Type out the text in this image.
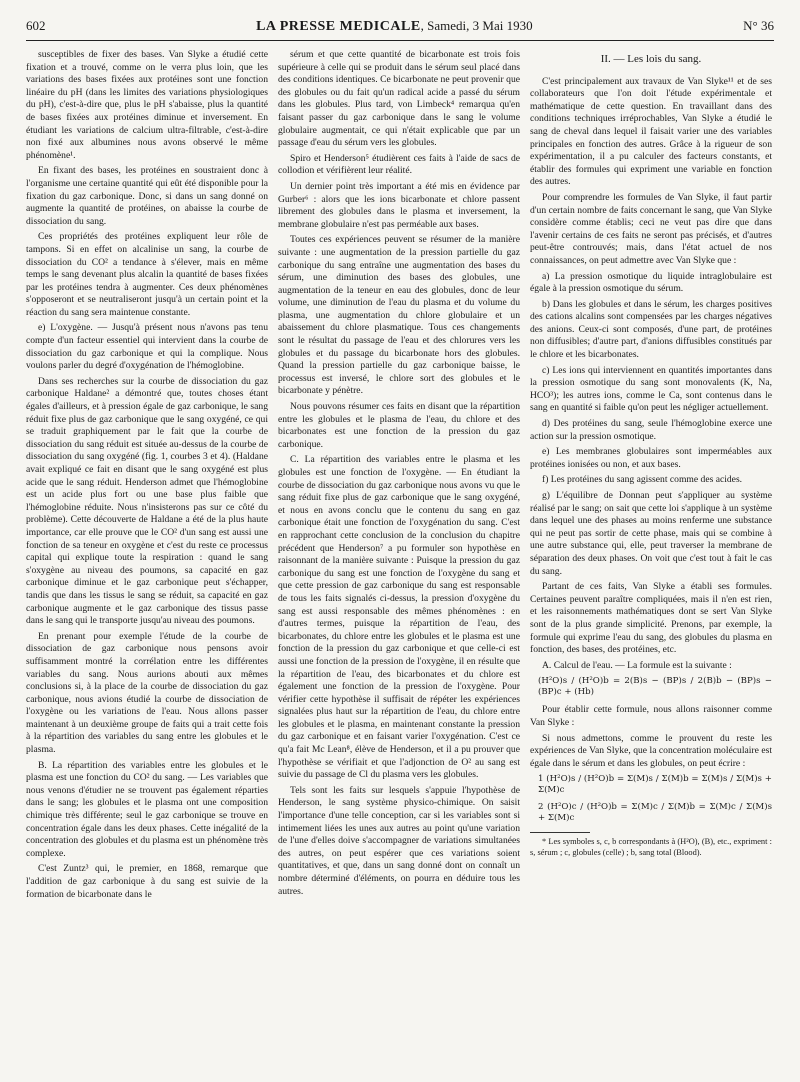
602	LA PRESSE MEDICALE, Samedi, 3 Mai 1930	N° 36

susceptibles de fixer des bases. Van Slyke a étudié cette fixation et a trouvé, comme on le verra plus loin, que les variations des bases fixées aux protéines sont une fonction linéaire du pH (dans les limites des variations physiologiques du pH), c'est-à-dire que, plus le pH s'abaisse, plus la quantité de bases fixées aux protéines diminue et inversement. En étudiant les variations de calcium ultra-filtrable, c'est-à-dire non fixé aux albumines nous avons observé le même phénomène¹.

En fixant des bases, les protéines en soustraient donc à l'organisme une certaine quantité qui eût été disponible pour la fixation du gaz carbonique. Donc, si dans un sang donné on augmente la quantité de protéines, on abaisse la courbe de dissociation du sang.

Ces propriétés des protéines expliquent leur rôle de tampons. Si en effet on alcalinise un sang, la courbe de dissociation du CO² a tendance à s'élever, mais en même temps le sang devenant plus alcalin la quantité de bases fixées par les protéines tendra à augmenter. Ces deux phénomènes s'opposeront et se neutraliseront jusqu'à un certain point et la réaction du sang sera maintenue constante.

e) L'oxygène. — Jusqu'à présent nous n'avons pas tenu compte d'un facteur essentiel qui intervient dans la courbe de dissociation du gaz carbonique et qui la complique. Nous voulons parler du degré d'oxygénation de l'hémoglobine.

Dans ses recherches sur la courbe de dissociation du gaz carbonique Haldane² a démontré que, toutes choses étant égales d'ailleurs, et à pression égale de gaz carbonique, le sang réduit fixe plus de gaz carbonique que le sang oxygéné, ce qui se traduit graphiquement par le fait que la courbe de dissociation du sang réduit est située au-dessus de la courbe de dissociation du sang oxygéné (fig. 1, courbes 3 et 4). (Haldane avait expliqué ce fait en disant que le sang oxygéné est plus acide que le sang réduit. Henderson admet que l'hémoglobine est un acide plus fort ou une base plus faible que l'hémoglobine réduite. Nous n'insisterons pas sur ce côté du problème). Cette découverte de Haldane a été de la plus haute importance, car elle prouve que le CO² d'un sang est aussi une fonction de sa teneur en oxygène et c'est du reste ce processus capital qui explique toute la respiration : quand le sang s'oxygène au niveau des poumons, sa capacité en gaz carbonique diminue et le gaz carbonique peut s'échapper, tandis que dans les tissus le sang se réduit, sa capacité en gaz carbonique augmente et le gaz carbonique des tissus passe dans le sang qui le transporte jusqu'au niveau des poumons.

En prenant pour exemple l'étude de la courbe de dissociation de gaz carbonique nous pensons avoir suffisamment montré la corrélation entre les différentes variables du sang. Nous aurions abouti aux mêmes conclusions si, à la place de la courbe de dissociation du gaz carbonique, nous avions étudié la courbe de dissociation de l'oxygène ou les variations de l'eau. Nous allons passer maintenant à un deuxième groupe de faits qui a trait cette fois à la répartition des variables du sang entre les globules et le plasma.

B. La répartition des variables entre les globules et le plasma est une fonction du CO² du sang. — Les variables que nous venons d'étudier ne se trouvent pas également réparties dans le sang; les globules et le plasma ont une composition chimique très différente; seul le gaz carbonique se trouve en concentration égale dans les deux phases. Cette inégalité de la concentration des globules et du plasma est un phénomène très complexe.

C'est Zuntz³ qui, le premier, en 1868, remarque que l'addition de gaz carbonique à du sang est suivie de la formation de bicarbonate dans le

sérum et que cette quantité de bicarbonate est trois fois supérieure à celle qui se produit dans le sérum seul placé dans des conditions identiques. Ce bicarbonate ne peut provenir que des globules ou du fait qu'un radical acide a passé du sérum dans les globules. Plus tard, von Limbeck⁴ remarqua qu'en faisant passer du gaz carbonique dans le sang le volume globulaire augmentait, ce qui n'était explicable que par un passage d'eau du sérum vers les globules.

Spiro et Henderson⁵ étudièrent ces faits à l'aide de sacs de collodion et vérifièrent leur réalité.

Un dernier point très important a été mis en évidence par Gurber⁶ : alors que les ions bicarbonate et chlore passent librement des globules dans le plasma et inversement, la membrane globulaire n'est pas perméable aux bases.

Toutes ces expériences peuvent se résumer de la manière suivante : une augmentation de la pression partielle du gaz carbonique du sang entraîne une augmentation des bases du sérum, une diminution des bases des globules, une augmentation de la teneur en eau des globules, donc de leur volume, une diminution de l'eau du plasma et du volume du plasma, une augmentation du chlore globulaire et un abaissement du chlore plasmatique. Tous ces changements sont le résultat du passage de l'eau et des chlorures vers les globules et du passage du bicarbonate hors des globules. Quand la pression partielle du gaz carbonique baisse, le processus est inversé, le chlore sort des globules et le bicarbonate y pénètre.

Nous pouvons résumer ces faits en disant que la répartition entre les globules et le plasma de l'eau, du chlore et des bicarbonates est une fonction de la pression du gaz carbonique.

C. La répartition des variables entre le plasma et les globules est une fonction de l'oxygène. — En étudiant la courbe de dissociation du gaz carbonique nous avons vu que le sang réduit fixe plus de gaz carbonique que le sang oxygéné, et nous en avons conclu que le contenu du sang en gaz carbonique était une fonction de l'oxygénation du sang. C'est en rapprochant cette conclusion de la conclusion du chapitre précédent que Henderson⁷ a pu formuler son hypothèse en raisonnant de la manière suivante : Puisque la pression du gaz carbonique du sang est une fonction de l'oxygène du sang et que cette pression de gaz carbonique du sang est responsable de tous les faits signalés ci-dessus, la pression d'oxygène du sang est aussi responsable des mêmes phénomènes : en d'autres termes, puisque la répartition de l'eau, des bicarbonates, du chlore entre les globules et le plasma est une fonction de la pression du gaz carbonique et que celle-ci est aussi une fonction de la pression de l'oxygène, il en résulte que la répartition de l'eau, des bicarbonates et du chlore est également une fonction de la pression de l'oxygène. Pour vérifier cette hypothèse il suffisait de répéter les expériences signalées plus haut sur la répartition de l'eau, du chlore entre les globules et le plasma, en maintenant constante la pression du gaz carbonique et en faisant varier l'oxygénation. C'est ce qu'a fait Mc Lean⁸, élève de Henderson, et il a pu prouver que l'hypothèse se vérifiait et que l'adjonction de O² au sang est suivie du passage de Cl du plasma vers les globules.

Tels sont les faits sur lesquels s'appuie l'hypothèse de Henderson, le sang système physico-chimique. On saisit l'importance d'une telle conception, car si les variables sont si intimement liées les unes aux autres au point qu'une variation de l'une d'elles doive s'accompagner de variations simultanées des autres, on peut espérer que ces variations soient quantitatives, et que, dans un sang donné dont on connaît un nombre déterminé d'éléments, on pourra en déduire tous les autres.

II. — Les lois du sang.

C'est principalement aux travaux de Van Slyke¹¹ et de ses collaborateurs que l'on doit l'étude expérimentale et mathématique de cette question. En travaillant dans des conditions techniques irréprochables, Van Slyke a étudié le sang de cheval dans lequel il faisait varier une des variables principales en fonction des autres. Grâce à la rigueur de son expérimentation, il a pu calculer des facteurs constants, et établir des formules qui expriment une variable en fonction des autres.

Pour comprendre les formules de Van Slyke, il faut partir d'un certain nombre de faits concernant le sang, que Van Slyke considère comme établis; ceci ne veut pas dire que dans l'avenir certains de ces faits ne seront pas précisés, et d'autres peut-être controuvés; mais, dans l'état actuel de nos connaissances, on peut admettre avec Van Slyke que :

a) La pression osmotique du liquide intraglobulaire est égale à la pression osmotique du sérum.

b) Dans les globules et dans le sérum, les charges positives des cations alcalins sont compensées par les charges négatives des anions. Ceux-ci sont composés, d'une part, de protéines non diffusibles; d'autre part, d'anions diffusibles constitués par le chlore et les bicarbonates.

c) Les ions qui interviennent en quantités importantes dans la pression osmotique du sang sont monovalents (K, Na, HCO³); les autres ions, comme le Ca, sont contenus dans le sang en quantité si faible qu'on peut les négliger actuellement.

d) Des protéines du sang, seule l'hémoglobine exerce une action sur la pression osmotique.

e) Les membranes globulaires sont imperméables aux protéines ionisées ou non, et aux bases.

f) Les protéines du sang agissent comme des acides.

g) L'équilibre de Donnan peut s'appliquer au système réalisé par le sang; on sait que cette loi s'applique à un système dans lequel une des phases au moins renferme une substance qui ne peut pas sortir de cette phase, mais qui se combine à une autre substance qui, elle, peut traverser la membrane de séparation des deux phases. On voit que c'est tout à fait le cas du sang.

Partant de ces faits, Van Slyke a établi ses formules. Certaines peuvent paraître compliquées, mais il n'en est rien, et les raisonnements mathématiques dont se sert Van Slyke sont de la plus grande simplicité. Prenons, par exemple, la formule qui exprime l'eau du sang, des globules du plasma en fonction, des bases, des protéines, etc.

A. Calcul de l'eau. — La formule est la suivante :

(H²O)s / (H²O)b = 2(B)s − (BP)s / 2(B)b − (BP)s − (BP)c + (Hb)

Pour établir cette formule, nous allons raisonner comme Van Slyke :

Si nous admettons, comme le prouvent du reste les expériences de Van Slyke, que la concentration moléculaire est égale dans le sérum et dans les globules, on peut écrire :

1 (H²O)s / (H²O)b = Σ(M)s / Σ(M)b = Σ(M)s / Σ(M)s + Σ(M)c
2 (H²O)c / (H²O)b = Σ(M)c / Σ(M)b = Σ(M)c / Σ(M)s + Σ(M)c

* Les symboles s, c, b correspondants à (H²O), (B), etc., expriment : s, sérum ; c, globules (celle) ; b, sang total (Blood).
